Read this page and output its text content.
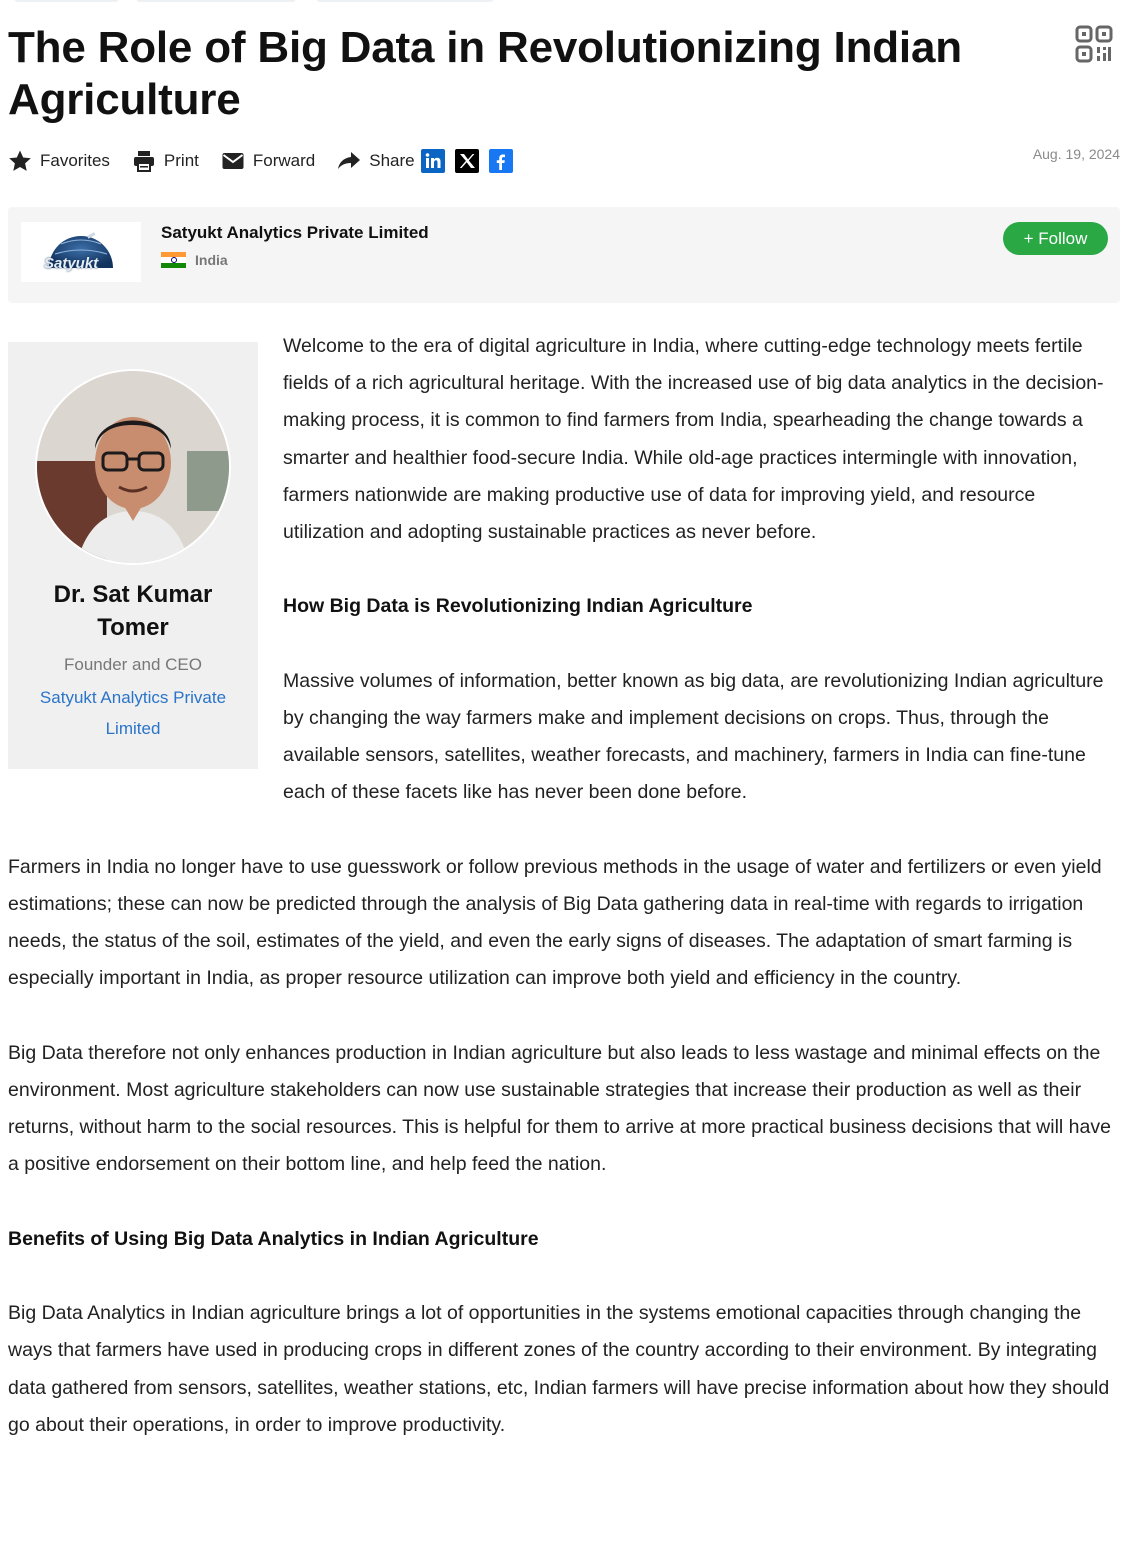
The Role of Big Data in Revolutionizing Indian Agriculture
Favorites	Print	Forward	Share	Aug. 19, 2024
Satyukt
Satyukt Analytics Private Limited
India
+ Follow
Dr. Sat Kumar Tomer
Founder and CEO
Satyukt Analytics Private Limited

Welcome to the era of digital agriculture in India, where cutting-edge technology meets fertile fields of a rich agricultural heritage. With the increased use of big data analytics in the decision-making process, it is common to find farmers from India, spearheading the change towards a smarter and healthier food-secure India. While old-age practices intermingle with innovation, farmers nationwide are making productive use of data for improving yield, and resource utilization and adopting sustainable practices as never before.

How Big Data is Revolutionizing Indian Agriculture

Massive volumes of information, better known as big data, are revolutionizing Indian agriculture by changing the way farmers make and implement decisions on crops. Thus, through the available sensors, satellites, weather forecasts, and machinery, farmers in India can fine-tune each of these facets like has never been done before.

Farmers in India no longer have to use guesswork or follow previous methods in the usage of water and fertilizers or even yield estimations; these can now be predicted through the analysis of Big Data gathering data in real-time with regards to irrigation needs, the status of the soil, estimates of the yield, and even the early signs of diseases. The adaptation of smart farming is especially important in India, as proper resource utilization can improve both yield and efficiency in the country.

Big Data therefore not only enhances production in Indian agriculture but also leads to less wastage and minimal effects on the environment. Most agriculture stakeholders can now use sustainable strategies that increase their production as well as their returns, without harm to the social resources. This is helpful for them to arrive at more practical business decisions that will have a positive endorsement on their bottom line, and help feed the nation.

Benefits of Using Big Data Analytics in Indian Agriculture

Big Data Analytics in Indian agriculture brings a lot of opportunities in the systems emotional capacities through changing the ways that farmers have used in producing crops in different zones of the country according to their environment. By integrating data gathered from sensors, satellites, weather stations, etc, Indian farmers will have precise information about how they should go about their operations, in order to improve productivity.
